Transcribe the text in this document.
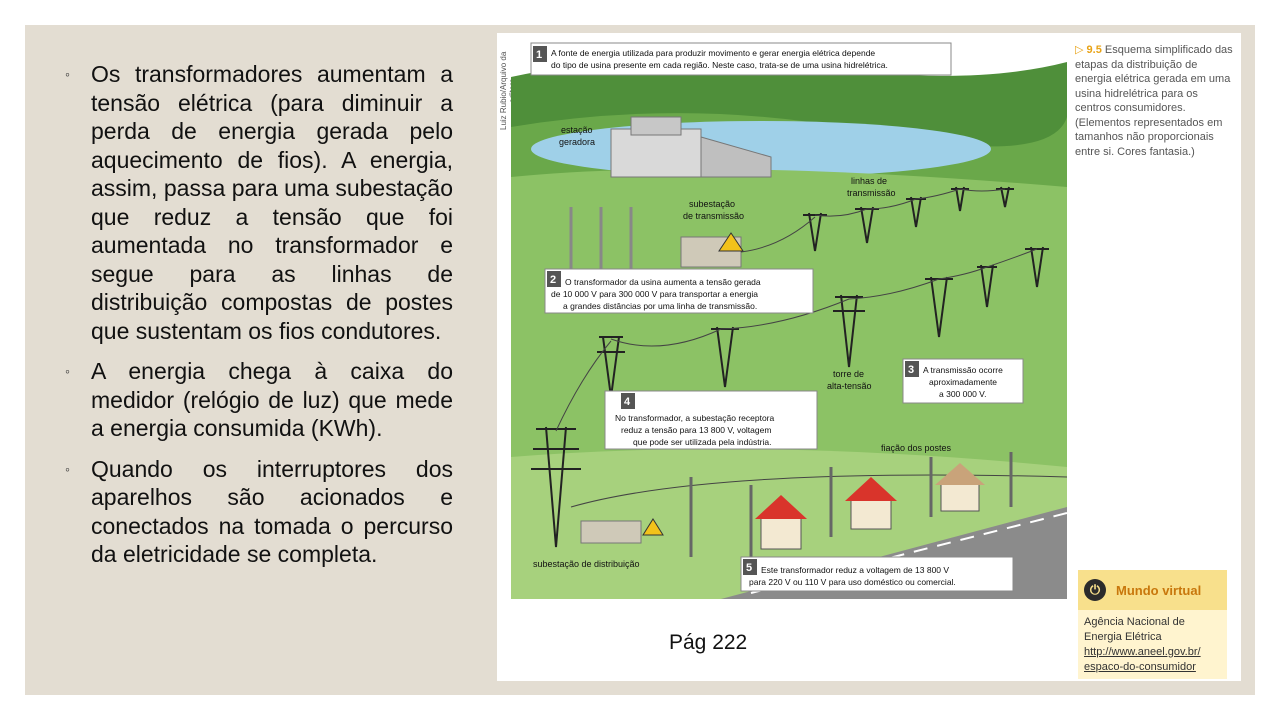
◦ Os transformadores aumentam a tensão elétrica (para diminuir a perda de energia gerada pelo aquecimento de fios). A energia, assim, passa para uma subestação que reduz a tensão que foi aumentada no transformador e segue para as linhas de distribuição compostas de postes que sustentam os fios condutores.
◦ A energia chega à caixa do medidor (relógio de luz) que mede a energia consumida (KWh).
◦ Quando os interruptores dos aparelhos são acionados e conectados na tomada o percurso da eletricidade se completa.
Luiz Rubio/Arquivo da
estação
geradora
subestação
de transmissão
linhas de
transmissão
torre de
alta-tensão
fiação dos postes
subestação de distribuição
1 A fonte de energia utilizada para produzir movimento e gerar energia elétrica depende
do tipo de usina presente em cada região. Neste caso, trata-se de uma usina hidrelétrica.
2 O transformador da usina aumenta a tensão gerada
de 10 000 V para 300 000 V para transportar a energia
a grandes distâncias por uma linha de transmissão.
3 A transmissão ocorre
aproximadamente
a 300 000 V.
4
No transformador, a subestação receptora
reduz a tensão para 13 800 V, voltagem
que pode ser utilizada pela indústria.
5 Este transformador reduz a voltagem de 13 800 V
para 220 V ou 110 V para uso doméstico ou comercial.
▷ 9.5 Esquema simplificado das etapas da distribuição de energia elétrica gerada em uma usina hidrelétrica para os centros consumidores. (Elementos representados em tamanhos não proporcionais entre si. Cores fantasia.)
Pág 222
⏻	Mundo virtual
Agência Nacional de Energia Elétrica
http://www.aneel.gov.br/
espaco-do-consumidor
